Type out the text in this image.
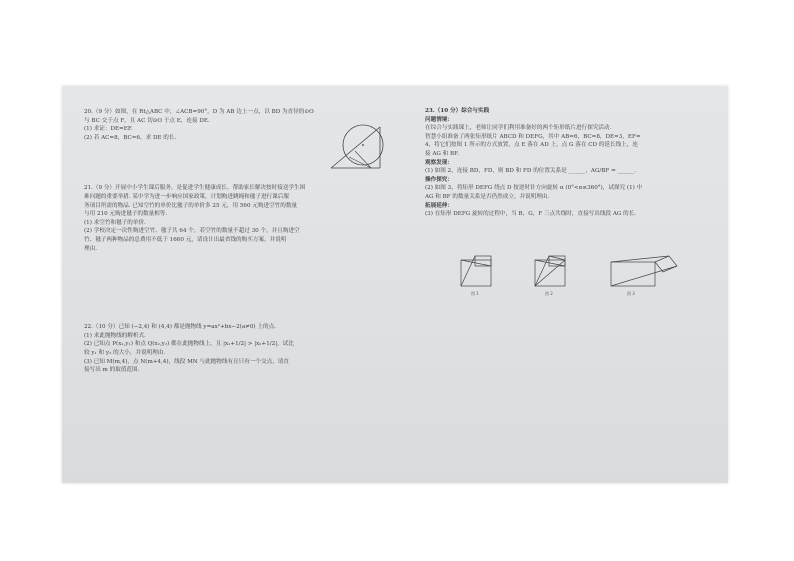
20.（9 分）如图，在 Rt△ABC 中，∠ACB=90°，D 为 AB 边上一点，以 BD 为直径的⊙O

与 BC 交于点 F，且 AC 切⊙O 于点 E，连接 DE.

(1) 求证：DE=EF.

(2) 若 AC=8，BC=6，求 DE 的长.

21.（9 分）开展中小学生课后服务，是促进学生健康成长、帮助家长解决按时接送学生困

难问题的重要举措. 某中学为进一步响应国家政策，计划购进跳绳和毽子进行课后服

务项目所需的物品. 已知空竹的单价比毽子的单价多 25 元，用 560 元购进空竹的数量

与用 210 元购进毽子的数量相等.

(1) 求空竹和毽子的单价.

(2) 学校决定一次性购进空竹、毽子共 64 个，若空竹的数量不超过 30 个，并且购进空

竹、毽子两种物品的总费用不低于 1660 元，请设计出最省钱的购买方案，并说明

理由.

22.（10 分）已知 (−2,4) 和 (4,4) 都是抛物线 y=ax²+bx−2(a≠0) 上的点.

(1) 求此抛物线的解析式.

(2) 已知点 P(x₁,y₁) 和点 Q(x₂,y₂) 都在此抛物线上，且 |x₁+1/2| > |x₂+1/2|，试比

较 y₁ 和 y₂ 的大小，并说明理由.

(3) 已知 M(m,4)，点 N(m+4,4)，线段 MN 与此抛物线有且只有一个交点，请直

接写出 m 的取值范围.

23.（10 分）综合与实践

问题情境：

在综合与实践课上，老师让同学们利用准备好的两个矩形纸片进行探究活动.

智慧小组准备了两张矩形纸片 ABCD 和 DEFG，其中 AB=6，BC=8，DE=3，EF=

4，将它们按图 1 所示的方式放置，点 E 落在 AD 上，点 G 落在 CD 的延长线上，连

接 AG 和 BF.

观察发现：

(1) 如图 2，连接 BD，FD，则 BD 和 FD 的位置关系是 ______，AG/BF = ______.

操作探究：

(2) 如图 3，将矩形 DEFG 绕点 D 按逆时针方向旋转 α (0°<α≤360°)，试探究 (1) 中

AG 和 BF 的数量关系是否仍然成立，并说明理由.

拓展延伸：

(3) 在矩形 DEFG 旋转的过程中，当 B，G，F 三点共线时，直接写出线段 AG 的长.

图 1	图 2	图 3
